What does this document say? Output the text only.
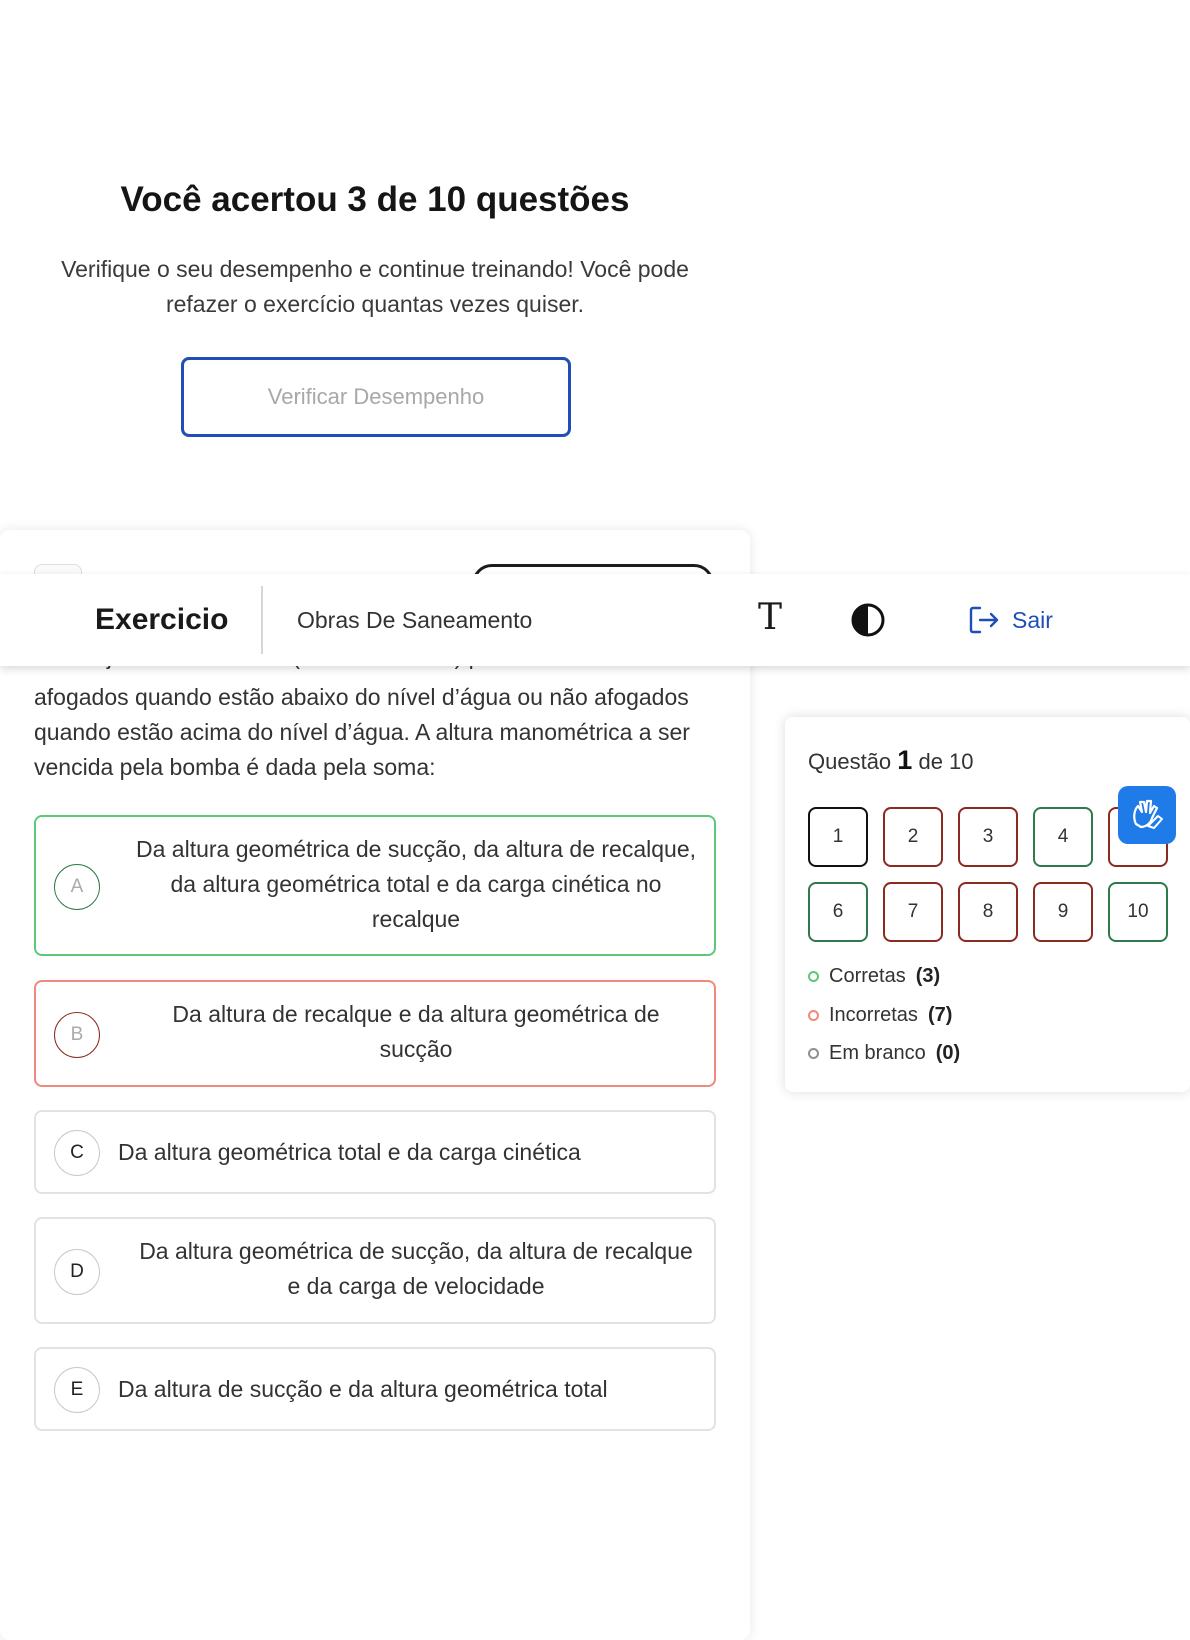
Você acertou 3 de 10 questões
Verifique o seu desempenho e continue treinando! Você pode refazer o exercício quantas vezes quiser.
Verificar Desempenho
afogados quando estão abaixo do nível d’água ou não afogados quando estão acima do nível d’água. A altura manométrica a ser vencida pela bomba é dada pela soma:
A
Da altura geométrica de sucção, da altura de recalque, da altura geométrica total e da carga cinética no recalque
B
Da altura de recalque e da altura geométrica de sucção
C	Da altura geométrica total e da carga cinética
D
Da altura geométrica de sucção, da altura de recalque e da carga de velocidade
E	Da altura de sucção e da altura geométrica total
Questão 1 de 10
1	2	3	4
6	7	8	9	10
Corretas (3)
Incorretas (7)
Em branco (0)
Exercicio	Obras De Saneamento	T	Sair
